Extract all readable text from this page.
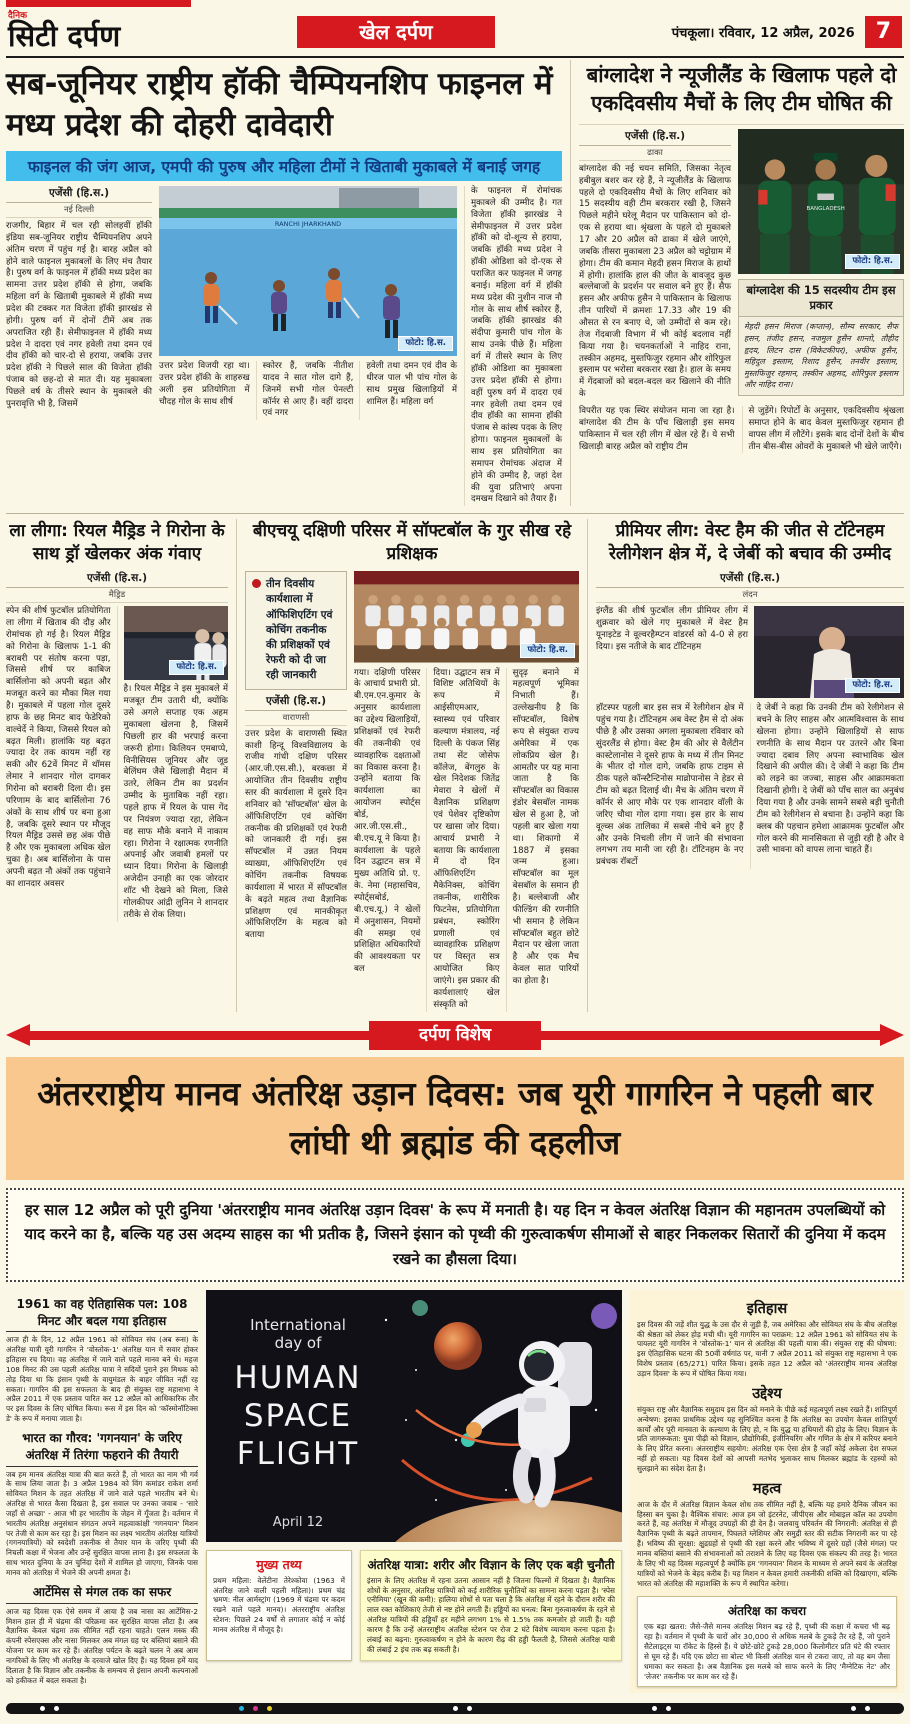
दैनिक
सिटी दर्पण	खेल दर्पण	पंचकूला। रविवार, 12 अप्रैल, 2026 7
सब-जूनियर राष्ट्रीय हॉकी चैम्पियनशिप फाइनल में मध्य प्रदेश की दोहरी दावेदारी
फाइनल की जंग आज, एमपी की पुरुष और महिला टीमों ने खिताबी मुकाबले में बनाई जगह
एजेंसी (हि.स.)
नई दिल्ली
राजगीर, बिहार में चल रही सोलहवीं हॉकी इंडिया सब-जूनियर राष्ट्रीय चैम्पियनशिप अपने अंतिम चरण में पहुंच गई है। बारह अप्रैल को होने वाले फाइनल मुकाबलों के लिए मंच तैयार है। पुरुष वर्ग के फाइनल में हॉकी मध्य प्रदेश का सामना उत्तर प्रदेश हॉकी से होगा, जबकि महिला वर्ग के खिताबी मुकाबले में हॉकी मध्य प्रदेश की टक्कर गत विजेता हॉकी झारखंड से होगी। पुरुष वर्ग में दोनों टीमें अब तक अपराजित रही हैं। सेमीफाइनल में हॉकी मध्य प्रदेश ने दादरा एवं नगर हवेली तथा दमन एवं दीव हॉकी को चार-दो से हराया, जबकि उत्तर प्रदेश हॉकी ने पिछले साल की विजेता हॉकी पंजाब को छह-दो से मात दी। यह मुकाबला पिछले वर्ष के तीसरे स्थान के मुकाबले की पुनरावृत्ति भी है, जिसमें
RANCHI JHARKHAND
फोटो: हि.स.
उत्तर प्रदेश विजयी रहा था। उत्तर प्रदेश हॉकी के शाहरुख अली इस प्रतियोगिता में चौदह गोल के साथ शीर्ष
स्कोरर हैं, जबकि नीतीश यादव ने सात गोल दागे हैं, जिनमें सभी गोल पेनल्टी कॉर्नर से आए हैं। वहीं दादरा एवं नगर
हवेली तथा दमन एवं दीव के धीरज पाल भी पांच गोल के साथ प्रमुख खिलाड़ियों में शामिल हैं। महिला वर्ग
के फाइनल में रोमांचक मुकाबले की उम्मीद है। गत विजेता हॉकी झारखंड ने सेमीफाइनल में उत्तर प्रदेश हॉकी को दो-शून्य से हराया, जबकि हॉकी मध्य प्रदेश ने हॉकी ओडिशा को दो-एक से पराजित कर फाइनल में जगह बनाई। महिला वर्ग में हॉकी मध्य प्रदेश की नुशीन नाज नौ गोल के साथ शीर्ष स्कोरर हैं, जबकि हॉकी झारखंड की संदीपा कुमारी पांच गोल के साथ उनके पीछे हैं। महिला वर्ग में तीसरे स्थान के लिए हॉकी ओडिशा का मुकाबला उत्तर प्रदेश हॉकी से होगा। वहीं पुरुष वर्ग में दादरा एवं नगर हवेली तथा दमन एवं दीव हॉकी का सामना हॉकी पंजाब से कांस्य पदक के लिए होगा। फाइनल मुकाबलों के साथ इस प्रतियोगिता का समापन रोमांचक अंदाज में होने की उम्मीद है, जहां देश की युवा प्रतिभाएं अपना दमखम दिखाने को तैयार हैं।
बांग्लादेश ने न्यूजीलैंड के खिलाफ पहले दो एकदिवसीय मैचों के लिए टीम घोषित की
एजेंसी (हि.स.)
ढाका
बांग्लादेश की नई चयन समिति, जिसका नेतृत्व हबीबुल बशर कर रहे हैं, ने न्यूजीलैंड के खिलाफ पहले दो एकदिवसीय मैचों के लिए शनिवार को 15 सदस्यीय वही टीम बरकरार रखी है, जिसने पिछले महीने घरेलू मैदान पर पाकिस्तान को दो-एक से हराया था। श्रृंखला के पहले दो मुकाबले 17 और 20 अप्रैल को ढाका में खेले जाएंगे, जबकि तीसरा मुकाबला 23 अप्रैल को चट्टोग्राम में होगा। टीम की कमान मेहदी हसन मिराज के हाथों में होगी। हालांकि हाल की जीत के बावजूद कुछ बल्लेबाजों के प्रदर्शन पर सवाल बने हुए हैं। सैफ हसन और अफीफ हुसैन ने पाकिस्तान के खिलाफ तीन पारियों में क्रमशः 17.33 और 19 की औसत से रन बनाए थे, जो उम्मीदों से कम रहे। तेज गेंदबाजी विभाग में भी कोई बदलाव नहीं किया गया है। चयनकर्ताओं ने नाहिद राना, तस्कीन अहमद, मुस्तफिजुर रहमान और शोरिफुल इस्लाम पर भरोसा बरकरार रखा है। हाल के समय में गेंदबाजों को बदल-बदल कर खिलाने की नीति के
BANGLADESH
फोटो: हि.स.
बांग्लादेश की 15 सदस्यीय टीम इस प्रकार
मेहदी हसन मिराज (कप्तान), सौम्य सरकार, सैफ हसन, तंजीद हसन, नजमुल हुसैन शान्तो, तौहीद हृदय, लिटन दास (विकेटकीपर), अफीफ हुसैन, महिदुल इस्लाम, रिशाद हुसैन, तनवीर इस्लाम, मुस्तफिजुर रहमान, तस्कीन अहमद, शोरिफुल इस्लाम और नाहिद राना।
विपरीत यह एक स्थिर संयोजन माना जा रहा है। बांग्लादेश की टीम के पाँच खिलाड़ी इस समय पाकिस्तान में चल रही लीग में खेल रहे हैं। ये सभी खिलाड़ी बारह अप्रैल को राष्ट्रीय टीम
से जुड़ेंगे। रिपोर्टों के अनुसार, एकदिवसीय श्रृंखला समाप्त होने के बाद केवल मुस्तफिजुर रहमान ही वापस लीग में लौटेंगे। इसके बाद दोनों देशों के बीच तीन बीस-बीस ओवरों के मुकाबले भी खेले जाएँगे।
ला लीगा: रियल मैड्रिड ने गिरोना के साथ ड्रॉ खेलकर अंक गंवाए
एजेंसी (हि.स.)
मैड्रिड
स्पेन की शीर्ष फुटबॉल प्रतियोगिता ला लीगा में खिताब की दौड़ और रोमांचक हो गई है। रियल मैड्रिड को गिरोना के खिलाफ 1-1 की बराबरी पर संतोष करना पड़ा, जिससे शीर्ष पर काबिज बार्सिलोना को अपनी बढ़त और मजबूत करने का मौका मिल गया है। मुकाबले में पहला गोल दूसरे हाफ के छह मिनट बाद फेडेरिको वाल्वेर्दे ने किया, जिससे रियल को बढ़त मिली। हालांकि यह बढ़त ज्यादा देर तक कायम नहीं रह सकी और 62वें मिनट में थॉमस लेमार ने शानदार गोल दागकर गिरोना को बराबरी दिला दी। इस परिणाम के बाद बार्सिलोना 76 अंकों के साथ शीर्ष पर बना हुआ है, जबकि दूसरे स्थान पर मौजूद रियल मैड्रिड उससे छह अंक पीछे है और एक मुकाबला अधिक खेल चुका है। अब बार्सिलोना के पास अपनी बढ़त नौ अंकों तक पहुंचाने का शानदार अवसर
फोटो: हि.स.
है। रियल मैड्रिड ने इस मुकाबले में मजबूत टीम उतारी थी, क्योंकि उसे अगले सप्ताह एक अहम मुकाबला खेलना है, जिसमें पिछली हार की भरपाई करना जरूरी होगा। किलियन एमबाप्पे, विनीसियस जूनियर और जूड बेलिंघम जैसे खिलाड़ी मैदान में उतरे, लेकिन टीम का प्रदर्शन उम्मीद के मुताबिक नहीं रहा। पहले हाफ में रियल के पास गेंद पर नियंत्रण ज्यादा रहा, लेकिन वह साफ मौके बनाने में नाकाम रहा। गिरोना ने रक्षात्मक रणनीति अपनाई और जवाबी हमलों पर ध्यान दिया। गिरोना के खिलाड़ी अजेदीन उनाही का एक जोरदार शॉट भी देखने को मिला, जिसे गोलकीपर आंद्री लुनिन ने शानदार तरीके से रोक लिया।
बीएचयू दक्षिणी परिसर में सॉफ्टबॉल के गुर सीख रहे प्रशिक्षक
तीन दिवसीय कार्यशाला में ऑफिशिएटिंग एवं कोचिंग तकनीक की प्रशिक्षकों एवं रेफरी को दी जा रही जानकारी
एजेंसी (हि.स.)
वाराणसी
उत्तर प्रदेश के वाराणसी स्थित काशी हिन्दू विश्वविद्यालय के राजीव गांधी दक्षिण परिसर (आर.जी.एस.सी.), बरकछा में आयोजित तीन दिवसीय राष्ट्रीय स्तर की कार्यशाला में दूसरे दिन शनिवार को 'सॉफ्टबॉल' खेल के ऑफिशिएटिंग एवं कोचिंग तकनीक की प्रशिक्षकों एवं रेफरी को जानकारी दी गई। इस सॉफ्टबॉल में उन्नत नियम व्याख्या, ऑफिशिएटिंग एवं कोचिंग तकनीक विषयक कार्यशाला में भारत में सॉफ्टबॉल के बढ़ते महत्व तथा वैज्ञानिक प्रशिक्षण एवं मानकीकृत ऑफिशिएटिंग के महत्व को बताया
फोटो: हि.स.
गया। दक्षिणी परिसर के आचार्य प्रभारी प्रो. बी.एम.एन.कुमार के अनुसार कार्यशाला का उद्देश्य खिलाड़ियों, प्रशिक्षकों एवं रेफरी की तकनीकी एवं व्यावहारिक दक्षताओं का विकास करना है। उन्होंने बताया कि कार्यशाला का आयोजन स्पोर्ट्स बोर्ड, आर.जी.एस.सी., बी.एच.यू ने किया है। कार्यशाला के पहले दिन उद्घाटन सत्र में मुख्य अतिथि प्रो. ए. के. नेमा (महासचिव, स्पोर्ट्सबोर्ड, बी.एच.यू.) ने खेलों में अनुशासन, नियमों की समझ एवं प्रशिक्षित अधिकारियों की आवश्यकता पर बल
दिया। उद्घाटन सत्र में विशिष्ट अतिथियों के रूप में आईसीएमआर, स्वास्थ्य एवं परिवार कल्याण मंत्रालय, नई दिल्ली के पंकज सिंह तथा सेंट जोसेफ कॉलेज, बेंगलुरु के खेल निदेशक जितेंद्र मेवारा ने खेलों में वैज्ञानिक प्रशिक्षण एवं पेशेवर दृष्टिकोण पर खासा जोर दिया। आचार्य प्रभारी ने बताया कि कार्यशाला में दो दिन ऑफिशिएटिंग मैकेनिक्स, कोचिंग तकनीक, शारीरिक फिटनेस, प्रतियोगिता प्रबंधन, स्कोरिंग प्रणाली एवं व्यावहारिक प्रशिक्षण पर विस्तृत सत्र आयोजित किए जाएंगे। इस प्रकार की कार्यशालाएं खेल संस्कृति को
सुदृढ़ बनाने में महत्वपूर्ण भूमिका निभाती हैं। उल्लेखनीय है कि सॉफ्टबॉल, विशेष रूप से संयुक्त राज्य अमेरिका में एक लोकप्रिय खेल है। आमतौर पर यह माना जाता है कि सॉफ्टबॉल का विकास इंडोर बेसबॉल नामक खेल से हुआ है, जो पहली बार खेला गया था। शिकागो में 1887 में इसका जन्म हुआ। सॉफ्टबॉल का मूल बेसबॉल के समान ही है। बल्लेबाजी और फील्डिंग की रणनीति भी समान है लेकिन सॉफ्टबॉल बहुत छोटे मैदान पर खेला जाता है और एक मैच केवल सात पारियों का होता है।
प्रीमियर लीग: वेस्ट हैम की जीत से टॉटेनहम रेलीगेशन क्षेत्र में, दे जेबीं को बचाव की उम्मीद
एजेंसी (हि.स.)
लंदन
इंग्लैंड की शीर्ष फुटबॉल लीग प्रीमियर लीग में शुक्रवार को खेले गए मुकाबले में वेस्ट हैम यूनाइटेड ने वूल्वरहैम्प्टन वांडरर्स को 4-0 से हरा दिया। इस नतीजे के बाद टॉटिनहम
फोटो: हि.स.
हॉटस्पर पहली बार इस सत्र में रेलीगेशन क्षेत्र में पहुंच गया है। टॉटिनहम अब वेस्ट हैम से दो अंक पीछे है और उसका अगला मुकाबला रविवार को सुंदरलैंड से होगा। वेस्ट हैम की ओर से वैलेंटीन कास्टेलानोस ने दूसरे हाफ के मध्य में तीन मिनट के भीतर दो गोल दागे, जबकि हाफ टाइम से ठीक पहले कॉन्स्टैन्टिनोस माव्रोपानोस ने हेडर से टीम को बढ़त दिलाई थी। मैच के अंतिम चरण में कॉर्नर से आए मौके पर एक शानदार वॉली के जरिए चौथा गोल दागा गया। इस हार के साथ वूल्व्स अंक तालिका में सबसे नीचे बने हुए हैं और उनके निचली लीग में जाने की संभावना लगभग तय मानी जा रही है। टॉटिनहम के नए प्रबंधक रॉबर्टो
दे जेबीं ने कहा कि उनकी टीम को रेलीगेशन से बचने के लिए साहस और आत्मविश्वास के साथ खेलना होगा। उन्होंने खिलाड़ियों से साफ रणनीति के साथ मैदान पर उतरने और बिना ज्यादा दबाव लिए अपना स्वाभाविक खेल दिखाने की अपील की। दे जेबीं ने कहा कि टीम को लड़ने का जज्बा, साहस और आक्रामकता दिखानी होगी। दे जेबीं को पाँच साल का अनुबंध दिया गया है और उनके सामने सबसे बड़ी चुनौती टीम को रेलीगेशन से बचाना है। उन्होंने कहा कि क्लब की पहचान हमेशा आक्रामक फुटबॉल और गोल करने की मानसिकता से जुड़ी रही है और वे उसी भावना को वापस लाना चाहते हैं।
दर्पण विशेष
अंतरराष्ट्रीय मानव अंतरिक्ष उड़ान दिवस: जब यूरी गागरिन ने पहली बार लांघी थी ब्रह्मांड की दहलीज
हर साल 12 अप्रैल को पूरी दुनिया 'अंतरराष्ट्रीय मानव अंतरिक्ष उड़ान दिवस' के रूप में मनाती है। यह दिन न केवल अंतरिक्ष विज्ञान की महानतम उपलब्धियों को याद करने का है, बल्कि यह उस अदम्य साहस का भी प्रतीक है, जिसने इंसान को पृथ्वी की गुरुत्वाकर्षण सीमाओं से बाहर निकलकर सितारों की दुनिया में कदम रखने का हौसला दिया।
1961 का वह ऐतिहासिक पल: 108 मिनट और बदल गया इतिहास
आज ही के दिन, 12 अप्रैल 1961 को सोवियत संघ (अब रूस) के अंतरिक्ष यात्री यूरी गागरिन ने 'वोस्तोक-1' अंतरिक्ष यान में सवार होकर इतिहास रच दिया। वह अंतरिक्ष में जाने वाले पहले मानव बने थे। महज 108 मिनट की उस पहली अंतरिक्ष यात्रा ने सदियों पुराने इस मिथक को तोड़ दिया था कि इंसान पृथ्वी के वायुमंडल के बाहर जीवित नहीं रह सकता। गागरिन की इस सफलता के बाद ही संयुक्त राष्ट्र महासभा ने अप्रैल 2011 में एक प्रस्ताव पारित कर 12 अप्रैल को आधिकारिक तौर पर इस दिवस के लिए घोषित किया। रूस में इस दिन को 'कॉस्मोनॉटिक्स डे' के रूप में मनाया जाता है।
भारत का गौरव: 'गगनयान' के जरिए अंतरिक्ष में तिरंगा फहराने की तैयारी
जब हम मानव अंतरिक्ष यात्रा की बात करते हैं, तो भारत का नाम भी गर्व के साथ लिया जाता है। 3 अप्रैल 1984 को विंग कमांडर राकेश शर्मा सोवियत मिशन के तहत अंतरिक्ष में जाने वाले पहले भारतीय बने थे। अंतरिक्ष से भारत कैसा दिखता है, इस सवाल पर उनका जवाब - 'सारे जहाँ से अच्छा' - आज भी हर भारतीय के जेहन में गूँजता है। वर्तमान में भारतीय अंतरिक्ष अनुसंधान संगठन अपने महत्वाकांक्षी 'गगनयान' मिशन पर तेजी से काम कर रहा है। इस मिशन का लक्ष्य भारतीय अंतरिक्ष यात्रियों (गगनयात्रियों) को स्वदेशी तकनीक से तैयार यान के जरिए पृथ्वी की निचली कक्षा में भेजना और उन्हें सुरक्षित वापस लाना है। इस सफलता के साथ भारत दुनिया के उन चुनिंदा देशों में शामिल हो जाएगा, जिनके पास मानव को अंतरिक्ष में भेजने की अपनी क्षमता है।
आर्टेमिस से मंगल तक का सफर
आज यह दिवस एक ऐसे समय में आया है जब नासा का आर्टेमिस-2 मिशन हाल ही में चंद्रमा की परिक्रमा कर सुरक्षित वापस लौटा है। अब वैज्ञानिक केवल चंद्रमा तक सीमित नहीं रहना चाहते। एलन मस्क की कंपनी स्पेसएक्स और नासा मिलकर अब मंगल ग्रह पर बस्तियां बसाने की योजना पर काम कर रहे हैं। अंतरिक्ष पर्यटन के बढ़ते चलन ने अब आम नागरिकों के लिए भी अंतरिक्ष के दरवाजे खोल दिए हैं। यह दिवस हमें याद दिलाता है कि विज्ञान और तकनीक के समन्वय से इंसान अपनी कल्पनाओं को हकीकत में बदल सकता है।
International
day of
HUMAN
SPACE
FLIGHT
April 12
मुख्य तथ्य
प्रथम महिला: वेलेंटीना तेरेश्कोवा (1963 में अंतरिक्ष जाने वाली पहली महिला)। प्रथम चंद्र भ्रमण: नील आर्मस्ट्रांग (1969 में चंद्रमा पर कदम रखने वाले पहले मानव)। अंतरराष्ट्रीय अंतरिक्ष स्टेशन: पिछले 24 वर्षों से लगातार कोई न कोई मानव अंतरिक्ष में मौजूद है।
अंतरिक्ष यात्रा: शरीर और विज्ञान के लिए एक बड़ी चुनौती
इंसान के लिए अंतरिक्ष में रहना उतना आसान नहीं है जितना फिल्मों में दिखता है। वैज्ञानिक शोधों के अनुसार, अंतरिक्ष यात्रियों को कई शारीरिक चुनौतियों का सामना करना पड़ता है। 'स्पेस एनीमिया' (खून की कमी): हालिया शोधों से पता चला है कि अंतरिक्ष में रहने के दौरान शरीर की लाल रक्त कोशिकाएं तेजी से नष्ट होने लगती हैं। हड्डियों का घनत्व: बिना गुरुत्वाकर्षण के रहने से अंतरिक्ष यात्रियों की हड्डियाँ हर महीने लगभग 1% से 1.5% तक कमजोर हो जाती हैं। यही कारण है कि उन्हें अंतरराष्ट्रीय अंतरिक्ष स्टेशन पर रोज 2 घंटे विशेष व्यायाम करना पड़ता है। लंबाई का बढ़ना: गुरुत्वाकर्षण न होने के कारण रीढ़ की हड्डी फैलती है, जिससे अंतरिक्ष यात्री की लंबाई 2 इंच तक बढ़ सकती है।
इतिहास
इस दिवस की जड़ें शीत युद्ध के उस दौर से जुड़ी हैं, जब अमेरिका और सोवियत संघ के बीच अंतरिक्ष की श्रेष्ठता को लेकर होड़ मची थी। यूरी गागरिन का पराक्रम: 12 अप्रैल 1961 को सोवियत संघ के पायलट यूरी गागरिन ने 'वोस्तोक-1' यान से अंतरिक्ष की पहली यात्रा की। संयुक्त राष्ट्र की घोषणा: इस ऐतिहासिक घटना की 50वीं वर्षगांठ पर, यानी 7 अप्रैल 2011 को संयुक्त राष्ट्र महासभा ने एक विशेष प्रस्ताव (65/271) पारित किया। इसके तहत 12 अप्रैल को 'अंतरराष्ट्रीय मानव अंतरिक्ष उड़ान दिवस' के रूप में घोषित किया गया।
उद्देश्य
संयुक्त राष्ट्र और वैज्ञानिक समुदाय इस दिन को मनाने के पीछे कई महत्वपूर्ण लक्ष्य रखते हैं। शांतिपूर्ण अन्वेषण: इसका प्राथमिक उद्देश्य यह सुनिश्चित करना है कि अंतरिक्ष का उपयोग केवल शांतिपूर्ण कार्यों और पूरी मानवता के कल्याण के लिए हो, न कि युद्ध या हथियारों की होड़ के लिए। विज्ञान के प्रति जागरूकता: युवा पीढ़ी को विज्ञान, प्रौद्योगिकी, इंजीनियरिंग और गणित के क्षेत्र में करियर बनाने के लिए प्रेरित करना। अंतरराष्ट्रीय सहयोग: अंतरिक्ष एक ऐसा क्षेत्र है जहाँ कोई अकेला देश सफल नहीं हो सकता। यह दिवस देशों को आपसी मतभेद भुलाकर साथ मिलकर ब्रह्मांड के रहस्यों को सुलझाने का संदेश देता है।
महत्व
आज के दौर में अंतरिक्ष विज्ञान केवल शोध तक सीमित नहीं है, बल्कि यह हमारे दैनिक जीवन का हिस्सा बन चुका है। वैश्विक संचार: आज हम जो इंटरनेट, जीपीएस और मोबाइल कॉल का उपयोग करते हैं, वह अंतरिक्ष में मौजूद उपग्रहों की ही देन है। जलवायु परिवर्तन की निगरानी: अंतरिक्ष से ही वैज्ञानिक पृथ्वी के बढ़ते तापमान, पिघलते ग्लेशियर और समुद्री स्तर की सटीक निगरानी कर पा रहे हैं। भविष्य की सुरक्षा: क्षुद्रग्रहों से पृथ्वी की रक्षा करने और भविष्य में दूसरे ग्रहों (जैसे मंगल) पर मानव बस्तियां बसाने की संभावनाओं को तराशने के लिए यह दिवस एक संकल्प की तरह है। भारत के लिए भी यह दिवस महत्वपूर्ण है क्योंकि हम 'गगनयान' मिशन के माध्यम से अपने स्वयं के अंतरिक्ष यात्रियों को भेजने के बेहद करीब हैं। यह मिशन न केवल हमारी तकनीकी शक्ति को दिखाएगा, बल्कि भारत को अंतरिक्ष की महाशक्ति के रूप में स्थापित करेगा।
अंतरिक्ष का कचरा
एक बड़ा खतरा: जैसे-जैसे मानव अंतरिक्ष मिशन बढ़ रहे हैं, पृथ्वी की कक्षा में कचरा भी बढ़ रहा है। वर्तमान में पृथ्वी के चारों ओर 30,000 से अधिक मलबे के टुकड़े तैर रहे हैं, जो पुराने सैटेलाइट्स या रॉकेट के हिस्से हैं। ये छोटे-छोटे टुकड़े 28,000 किलोमीटर प्रति घंटे की रफ्तार से घूम रहे हैं। यदि एक छोटा सा बोल्ट भी किसी अंतरिक्ष यान से टकरा जाए, तो वह बम जैसा धमाका कर सकता है। अब वैज्ञानिक इस मलबे को साफ करने के लिए 'मैग्नेटिक नेट' और 'लेजर' तकनीक पर काम कर रहे हैं।
